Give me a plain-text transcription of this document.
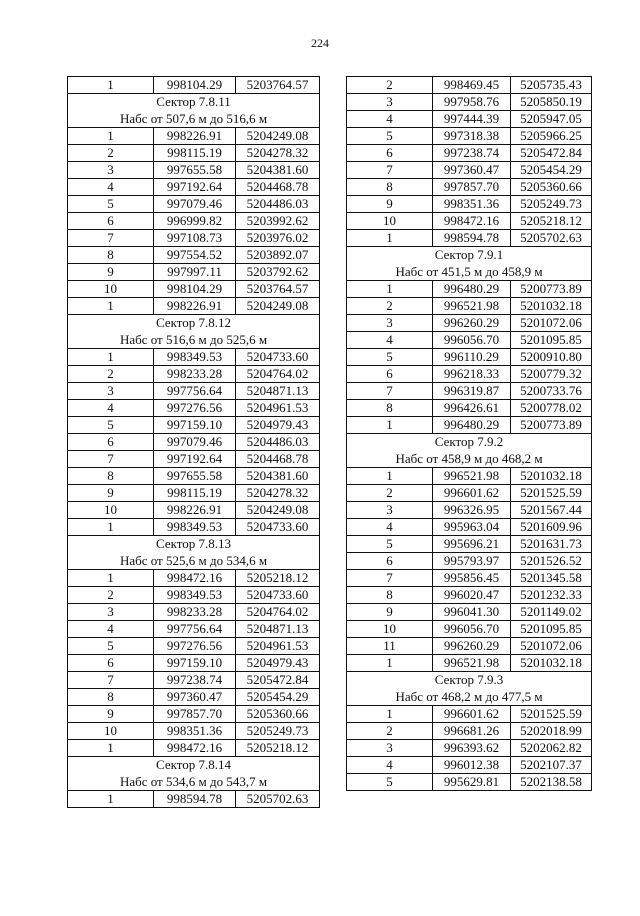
224
1	998104.29	5203764.57
Сектор 7.8.11		
Набс от 507,6 м до 516,6 м		
1	998226.91	5204249.08
2	998115.19	5204278.32
3	997655.58	5204381.60
4	997192.64	5204468.78
5	997079.46	5204486.03
6	996999.82	5203992.62
7	997108.73	5203976.02
8	997554.52	5203892.07
9	997997.11	5203792.62
10	998104.29	5203764.57
1	998226.91	5204249.08
Сектор 7.8.12		
Набс от 516,6 м до 525,6 м		
1	998349.53	5204733.60
2	998233.28	5204764.02
3	997756.64	5204871.13
4	997276.56	5204961.53
5	997159.10	5204979.43
6	997079.46	5204486.03
7	997192.64	5204468.78
8	997655.58	5204381.60
9	998115.19	5204278.32
10	998226.91	5204249.08
1	998349.53	5204733.60
Сектор 7.8.13		
Набс от 525,6 м до 534,6 м		
1	998472.16	5205218.12
2	998349.53	5204733.60
3	998233.28	5204764.02
4	997756.64	5204871.13
5	997276.56	5204961.53
6	997159.10	5204979.43
7	997238.74	5205472.84
8	997360.47	5205454.29
9	997857.70	5205360.66
10	998351.36	5205249.73
1	998472.16	5205218.12
Сектор 7.8.14		
Набс от 534,6 м до 543,7 м		
1	998594.78	5205702.63
2	998469.45	5205735.43
3	997958.76	5205850.19
4	997444.39	5205947.05
5	997318.38	5205966.25
6	997238.74	5205472.84
7	997360.47	5205454.29
8	997857.70	5205360.66
9	998351.36	5205249.73
10	998472.16	5205218.12
1	998594.78	5205702.63
Сектор 7.9.1		
Набс от 451,5 м до 458,9 м		
1	996480.29	5200773.89
2	996521.98	5201032.18
3	996260.29	5201072.06
4	996056.70	5201095.85
5	996110.29	5200910.80
6	996218.33	5200779.32
7	996319.87	5200733.76
8	996426.61	5200778.02
1	996480.29	5200773.89
Сектор 7.9.2		
Набс от 458,9 м до 468,2 м		
1	996521.98	5201032.18
2	996601.62	5201525.59
3	996326.95	5201567.44
4	995963.04	5201609.96
5	995696.21	5201631.73
6	995793.97	5201526.52
7	995856.45	5201345.58
8	996020.47	5201232.33
9	996041.30	5201149.02
10	996056.70	5201095.85
11	996260.29	5201072.06
1	996521.98	5201032.18
Сектор 7.9.3		
Набс от 468,2 м до 477,5 м		
1	996601.62	5201525.59
2	996681.26	5202018.99
3	996393.62	5202062.82
4	996012.38	5202107.37
5	995629.81	5202138.58
